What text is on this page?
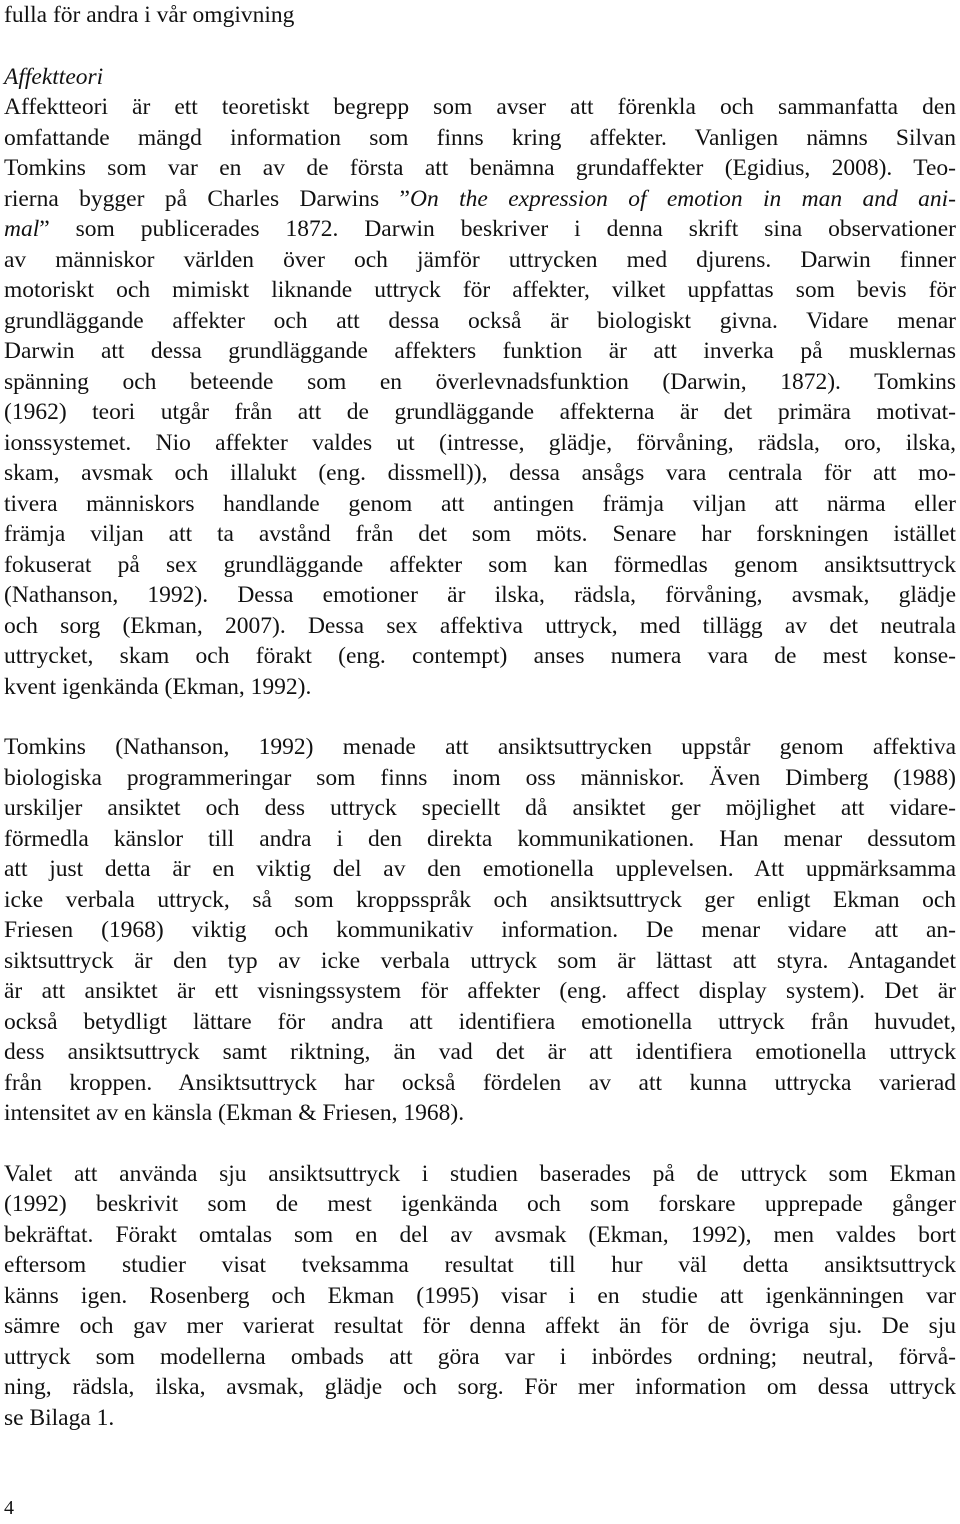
fulla för andra i vår omgivning
Affektteori
Affektteori är ett teoretiskt begrepp som avser att förenkla och sammanfatta den
omfattande mängd information som finns kring affekter. Vanligen nämns Silvan
Tomkins som var en av de första att benämna grundaffekter (Egidius, 2008). Teo-
rierna bygger på Charles Darwins ”On the expression of emotion in man and ani-
mal” som publicerades 1872. Darwin beskriver i denna skrift sina observationer
av människor världen över och jämför uttrycken med djurens. Darwin finner
motoriskt och mimiskt liknande uttryck för affekter, vilket uppfattas som bevis för
grundläggande affekter och att dessa också är biologiskt givna. Vidare menar
Darwin att dessa grundläggande affekters funktion är att inverka på musklernas
spänning och beteende som en överlevnadsfunktion (Darwin, 1872). Tomkins
(1962) teori utgår från att de grundläggande affekterna är det primära motivat-
ionssystemet. Nio affekter valdes ut (intresse, glädje, förvåning, rädsla, oro, ilska,
skam, avsmak och illalukt (eng. dissmell)), dessa ansågs vara centrala för att mo-
tivera människors handlande genom att antingen främja viljan att närma eller
främja viljan att ta avstånd från det som möts. Senare har forskningen istället
fokuserat på sex grundläggande affekter som kan förmedlas genom ansiktsuttryck
(Nathanson, 1992). Dessa emotioner är ilska, rädsla, förvåning, avsmak, glädje
och sorg (Ekman, 2007). Dessa sex affektiva uttryck, med tillägg av det neutrala
uttrycket, skam och förakt (eng. contempt) anses numera vara de mest konse-
kvent igenkända (Ekman, 1992).
Tomkins (Nathanson, 1992) menade att ansiktsuttrycken uppstår genom affektiva
biologiska programmeringar som finns inom oss människor. Även Dimberg (1988)
urskiljer ansiktet och dess uttryck speciellt då ansiktet ger möjlighet att vidare-
förmedla känslor till andra i den direkta kommunikationen. Han menar dessutom
att just detta är en viktig del av den emotionella upplevelsen. Att uppmärksamma
icke verbala uttryck, så som kroppsspråk och ansiktsuttryck ger enligt Ekman och
Friesen (1968) viktig och kommunikativ information. De menar vidare att an-
siktsuttryck är den typ av icke verbala uttryck som är lättast att styra. Antagandet
är att ansiktet är ett visningssystem för affekter (eng. affect display system). Det är
också betydligt lättare för andra att identifiera emotionella uttryck från huvudet,
dess ansiktsuttryck samt riktning, än vad det är att identifiera emotionella uttryck
från kroppen. Ansiktsuttryck har också fördelen av att kunna uttrycka varierad
intensitet av en känsla (Ekman & Friesen, 1968).
Valet att använda sju ansiktsuttryck i studien baserades på de uttryck som Ekman
(1992) beskrivit som de mest igenkända och som forskare upprepade gånger
bekräftat. Förakt omtalas som en del av avsmak (Ekman, 1992), men valdes bort
eftersom studier visat tveksamma resultat till hur väl detta ansiktsuttryck
känns igen. Rosenberg och Ekman (1995) visar i en studie att igenkänningen var
sämre och gav mer varierat resultat för denna affekt än för de övriga sju. De sju
uttryck som modellerna ombads att göra var i inbördes ordning; neutral, förvå-
ning, rädsla, ilska, avsmak, glädje och sorg. För mer information om dessa uttryck
se Bilaga 1.
4
